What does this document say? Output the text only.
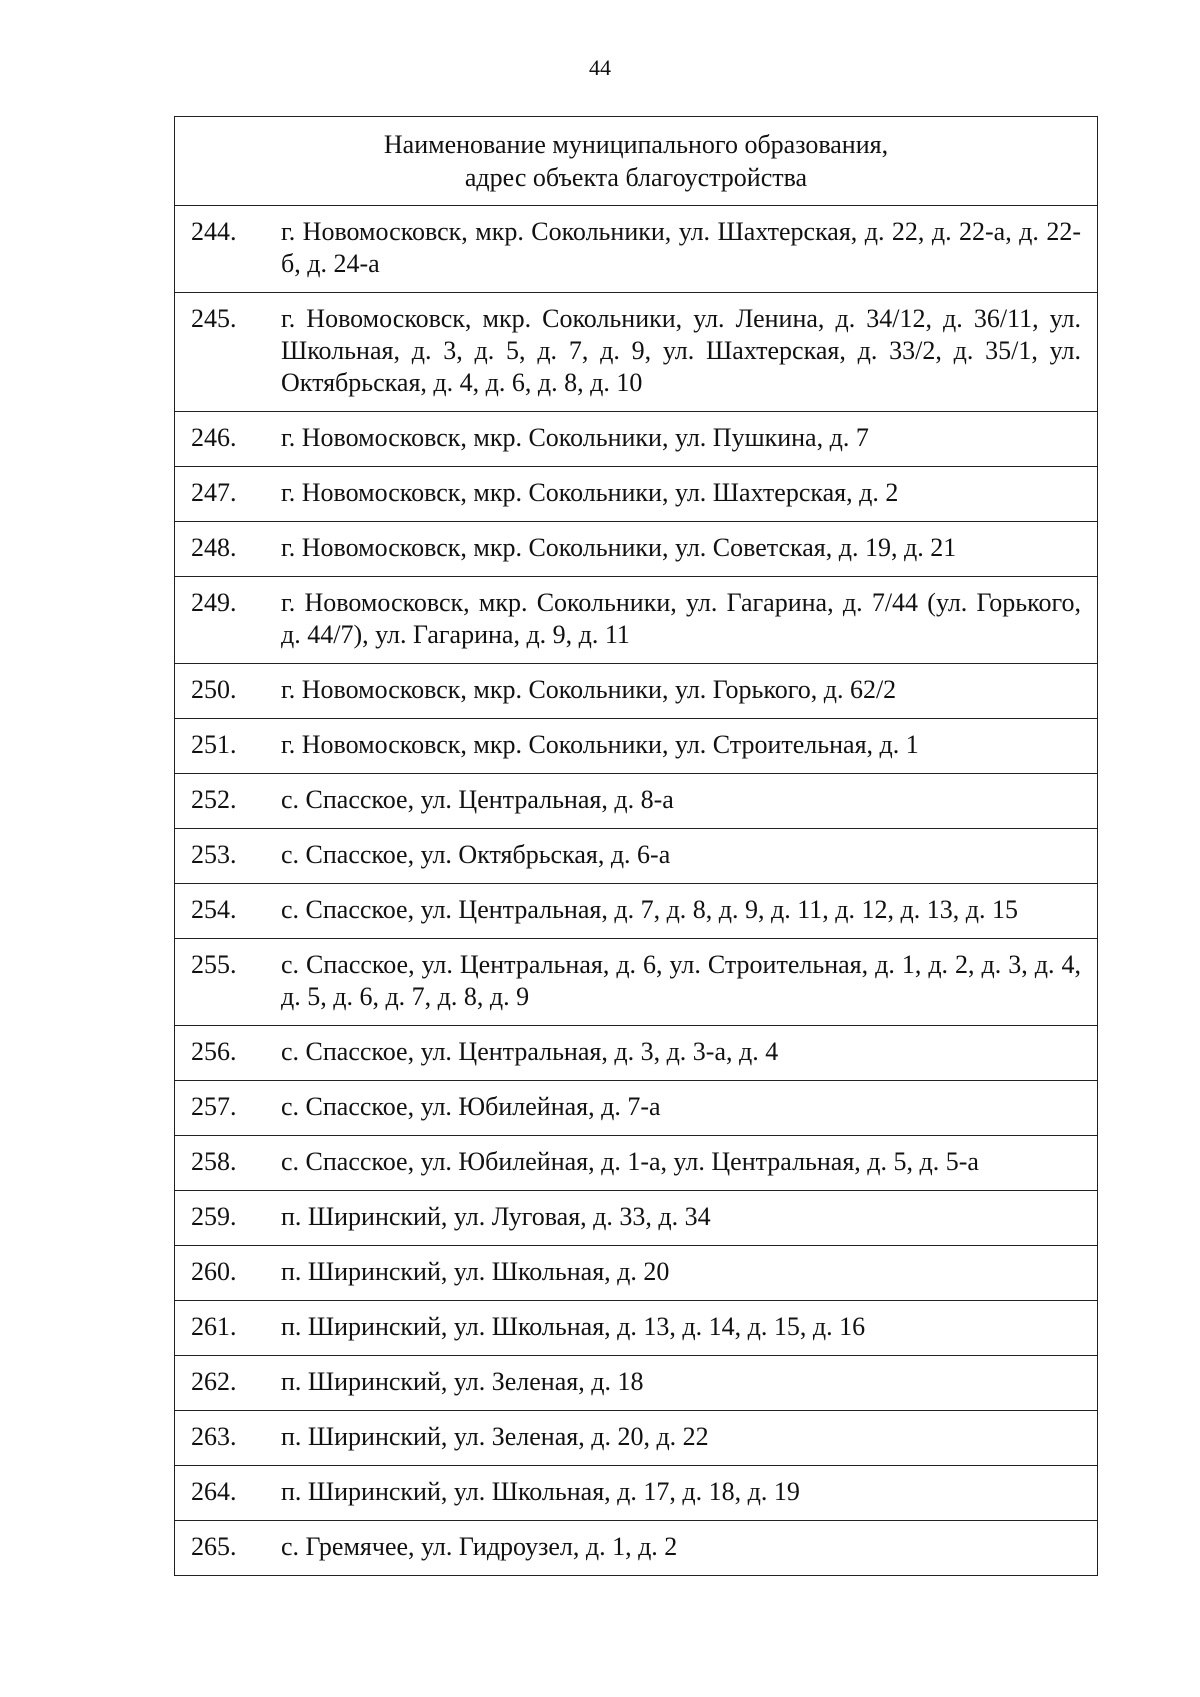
44
Наименование муниципального образования,
адрес объекта благоустройства

244. г. Новомосковск, мкр. Сокольники, ул. Шахтерская, д. 22, д. 22-а, д. 22-б, д. 24-а
245. г. Новомосковск, мкр. Сокольники, ул. Ленина, д. 34/12, д. 36/11, ул. Школьная, д. 3, д. 5, д. 7, д. 9, ул. Шахтерская, д. 33/2, д. 35/1, ул. Октябрьская, д. 4, д. 6, д. 8, д. 10
246. г. Новомосковск, мкр. Сокольники, ул. Пушкина, д. 7
247. г. Новомосковск, мкр. Сокольники, ул. Шахтерская, д. 2
248. г. Новомосковск, мкр. Сокольники, ул. Советская, д. 19, д. 21
249. г. Новомосковск, мкр. Сокольники, ул. Гагарина, д. 7/44 (ул. Горького, д. 44/7), ул. Гагарина, д. 9, д. 11
250. г. Новомосковск, мкр. Сокольники, ул. Горького, д. 62/2
251. г. Новомосковск, мкр. Сокольники, ул. Строительная, д. 1
252. с. Спасское, ул. Центральная, д. 8-а
253. с. Спасское, ул. Октябрьская, д. 6-а
254. с. Спасское, ул. Центральная, д. 7, д. 8, д. 9, д. 11, д. 12, д. 13, д. 15
255. с. Спасское, ул. Центральная, д. 6, ул. Строительная, д. 1, д. 2, д. 3, д. 4, д. 5, д. 6, д. 7, д. 8, д. 9
256. с. Спасское, ул. Центральная, д. 3, д. 3-а, д. 4
257. с. Спасское, ул. Юбилейная, д. 7-а
258. с. Спасское, ул. Юбилейная, д. 1-а, ул. Центральная, д. 5, д. 5-а
259. п. Ширинский, ул. Луговая, д. 33, д. 34
260. п. Ширинский, ул. Школьная, д. 20
261. п. Ширинский, ул. Школьная, д. 13, д. 14, д. 15, д. 16
262. п. Ширинский, ул. Зеленая, д. 18
263. п. Ширинский, ул. Зеленая, д. 20, д. 22
264. п. Ширинский, ул. Школьная, д. 17, д. 18, д. 19
265. с. Гремячее, ул. Гидроузел, д. 1, д. 2
